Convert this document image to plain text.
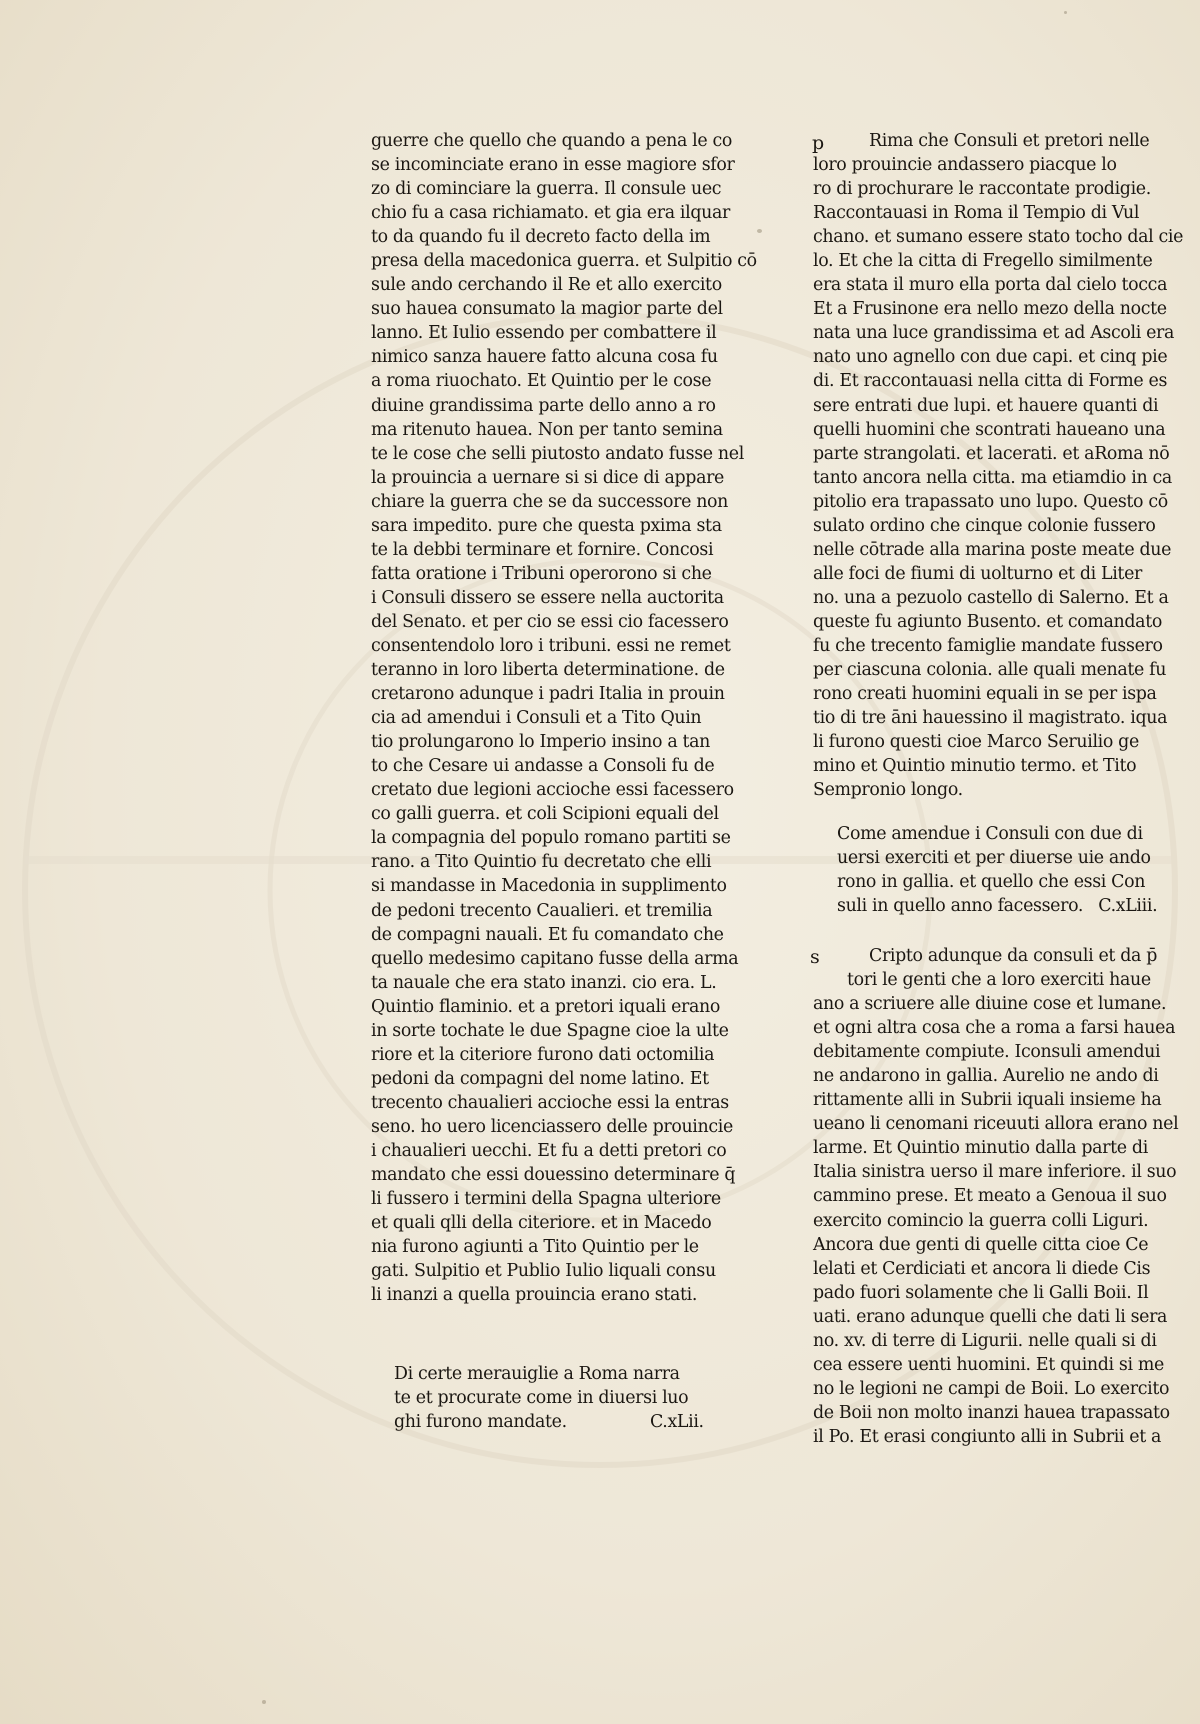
guerre che quello che quando a pena le co
se incominciate erano in esse magiore sfor
zo di cominciare la guerra. Il consule uec
chio fu a casa richiamato. et gia era ilquar
to da quando fu il decreto facto della im
presa della macedonica guerra. et Sulpitio cō
sule ando cerchando il Re et allo exercito
suo hauea consumato la magior parte del
lanno. Et Iulio essendo per combattere il
nimico sanza hauere fatto alcuna cosa fu
a roma riuochato. Et Quintio per le cose
diuine grandissima parte dello anno a ro
ma ritenuto hauea. Non per tanto semina
te le cose che selli piutosto andato fusse nel
la prouincia a uernare si si dice di appare
chiare la guerra che se da successore non
sara impedito. pure che questa pxima sta
te la debbi terminare et fornire. Concosi
fatta oratione i Tribuni operorono si che
i Consuli dissero se essere nella auctorita
del Senato. et per cio se essi cio facessero
consentendolo loro i tribuni. essi ne remet
teranno in loro liberta determinatione. de
cretarono adunque i padri Italia in prouin
cia ad amendui i Consuli et a Tito Quin
tio prolungarono lo Imperio insino a tan
to che Cesare ui andasse a Consoli fu de
cretato due legioni accioche essi facessero
co galli guerra. et coli Scipioni equali del
la compagnia del populo romano partiti se
rano. a Tito Quintio fu decretato che elli
si mandasse in Macedonia in supplimento
de pedoni trecento Caualieri. et tremilia
de compagni nauali. Et fu comandato che
quello medesimo capitano fusse della arma
ta nauale che era stato inanzi. cio era. L.
Quintio flaminio. et a pretori iquali erano
in sorte tochate le due Spagne cioe la ulte
riore et la citeriore furono dati octomilia
pedoni da compagni del nome latino. Et
trecento chaualieri accioche essi la entras
seno. ho uero licenciassero delle prouincie
i chaualieri uecchi. Et fu a detti pretori co
mandato che essi douessino determinare q̄
li fussero i termini della Spagna ulteriore
et quali qlli della citeriore. et in Macedo
nia furono agiunti a Tito Quintio per le
gati. Sulpitio et Publio Iulio liquali consu
li inanzi a quella prouincia erano stati.
Di certe merauiglie a Roma narra
te et procurate come in diuersi luo
ghi furono mandate.	C.xLii.
p	Rima che Consuli et pretori nelle
loro prouincie andassero piacque lo
ro di prochurare le raccontate prodigie.
Raccontauasi in Roma il Tempio di Vul
chano. et sumano essere stato tocho dal cie
lo. Et che la citta di Fregello similmente
era stata il muro ella porta dal cielo tocca
Et a Frusinone era nello mezo della nocte
nata una luce grandissima et ad Ascoli era
nato uno agnello con due capi. et cinq pie
di. Et raccontauasi nella citta di Forme es
sere entrati due lupi. et hauere quanti di
quelli huomini che scontrati haueano una
parte strangolati. et lacerati. et aRoma nō
tanto ancora nella citta. ma etiamdio in ca
pitolio era trapassato uno lupo. Questo cō
sulato ordino che cinque colonie fussero
nelle cōtrade alla marina poste meate due
alle foci de fiumi di uolturno et di Liter
no. una a pezuolo castello di Salerno. Et a
queste fu agiunto Busento. et comandato
fu che trecento famiglie mandate fussero
per ciascuna colonia. alle quali menate fu
rono creati huomini equali in se per ispa
tio di tre āni hauessino il magistrato. iqua
li furono questi cioe Marco Seruilio ge
mino et Quintio minutio termo. et Tito
Sempronio longo.
Come amendue i Consuli con due di
uersi exerciti et per diuerse uie ando
rono in gallia. et quello che essi Con
suli in quello anno facessero. C.xLiii.
s	Cripto adunque da consuli et da p̄
tori le genti che a loro exerciti haue
ano a scriuere alle diuine cose et lumane.
et ogni altra cosa che a roma a farsi hauea
debitamente compiute. Iconsuli amendui
ne andarono in gallia. Aurelio ne ando di
rittamente alli in Subrii iquali insieme ha
ueano li cenomani riceuuti allora erano nel
larme. Et Quintio minutio dalla parte di
Italia sinistra uerso il mare inferiore. il suo
cammino prese. Et meato a Genoua il suo
exercito comincio la guerra colli Liguri.
Ancora due genti di quelle citta cioe Ce
lelati et Cerdiciati et ancora li diede Cis
pado fuori solamente che li Galli Boii. Il
uati. erano adunque quelli che dati li sera
no. xv. di terre di Ligurii. nelle quali si di
cea essere uenti huomini. Et quindi si me
no le legioni ne campi de Boii. Lo exercito
de Boii non molto inanzi hauea trapassato
il Po. Et erasi congiunto alli in Subrii et a
